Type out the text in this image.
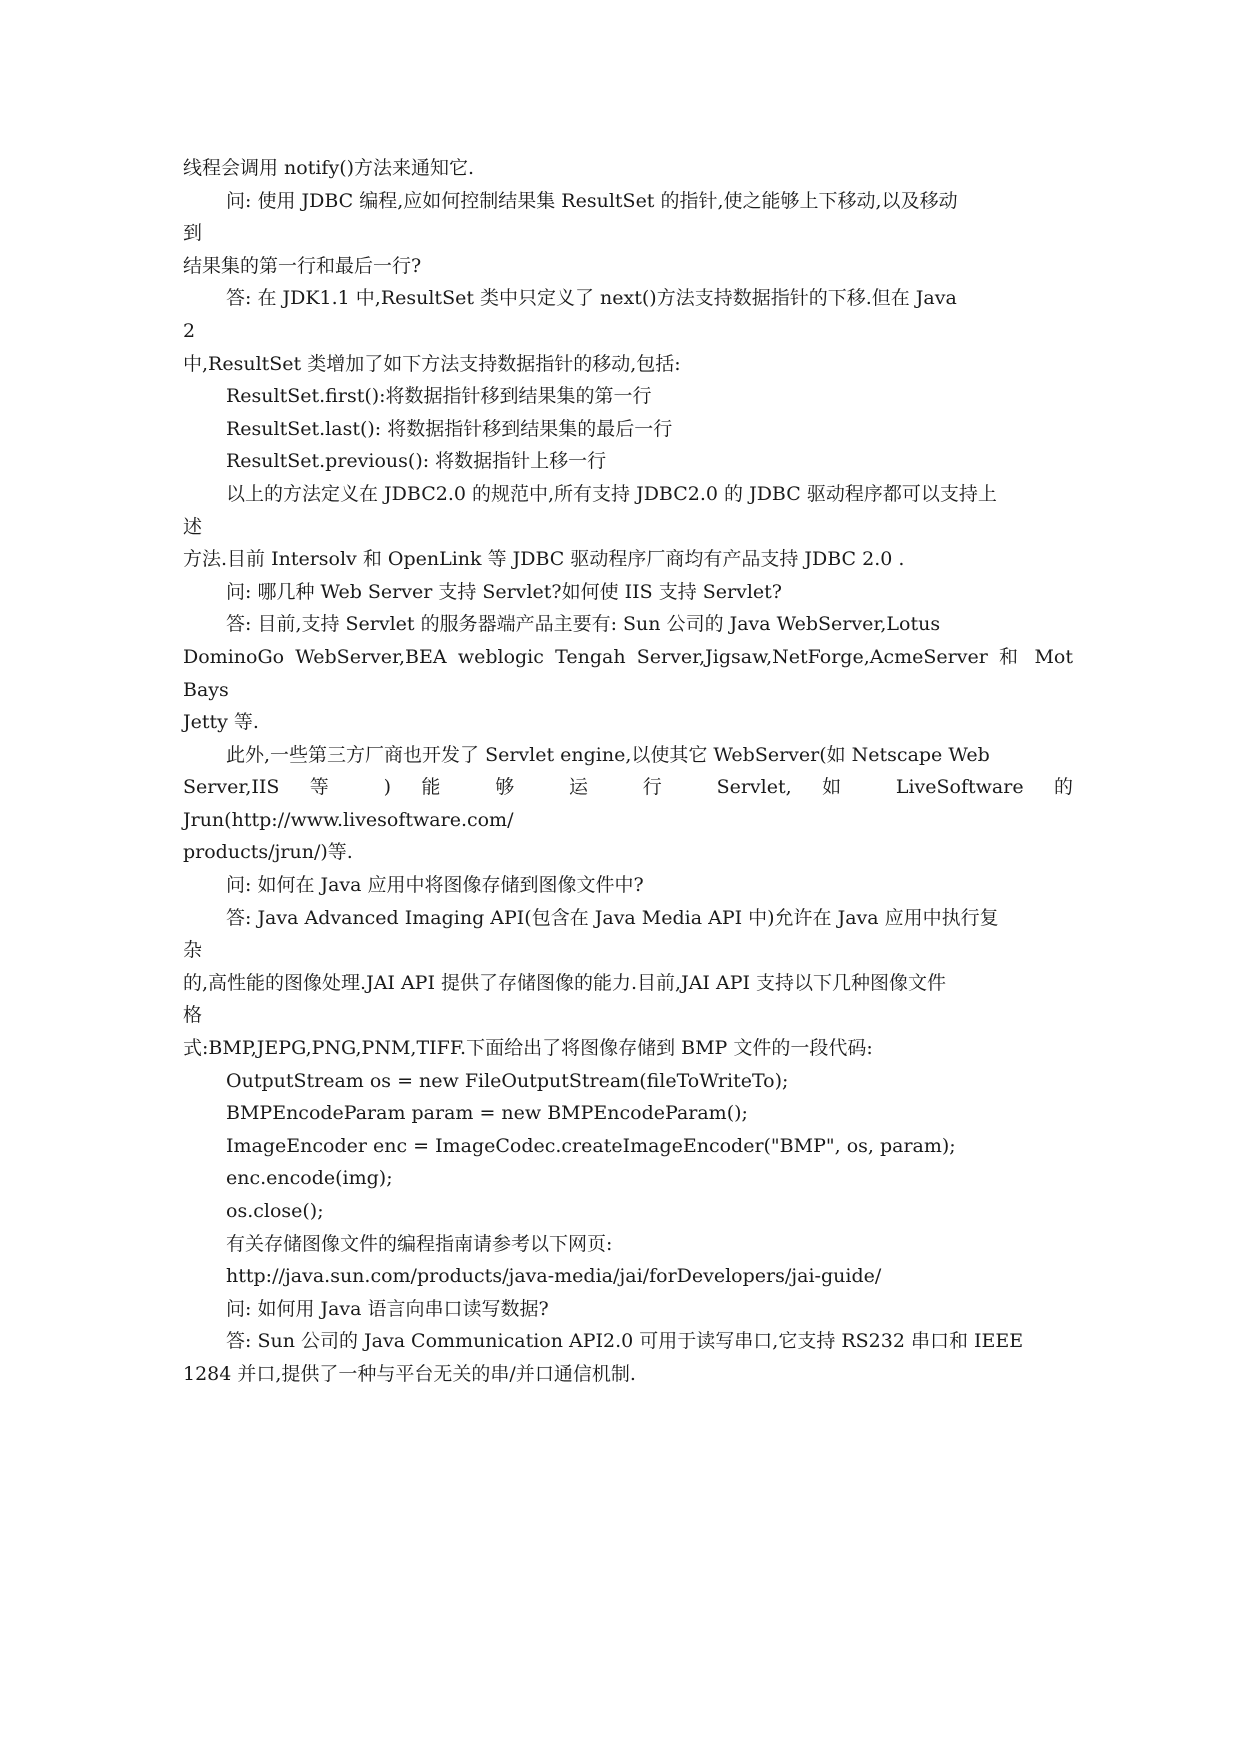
线程会调用 notify()方法来通知它.
问: 使用 JDBC 编程,应如何控制结果集 ResultSet 的指针,使之能够上下移动,以及移动
到
结果集的第一行和最后一行?
答: 在 JDK1.1 中,ResultSet 类中只定义了 next()方法支持数据指针的下移.但在 Java
2
中,ResultSet 类增加了如下方法支持数据指针的移动,包括:
ResultSet.first():将数据指针移到结果集的第一行
ResultSet.last(): 将数据指针移到结果集的最后一行
ResultSet.previous(): 将数据指针上移一行
以上的方法定义在 JDBC2.0 的规范中,所有支持 JDBC2.0 的 JDBC 驱动程序都可以支持上
述
方法.目前 Intersolv 和 OpenLink 等 JDBC 驱动程序厂商均有产品支持 JDBC 2.0 .
问: 哪几种 Web Server 支持 Servlet?如何使 IIS 支持 Servlet?
答: 目前,支持 Servlet 的服务器端产品主要有: Sun 公司的 Java WebServer,Lotus
DominoGo WebServer,BEA weblogic Tengah Server,Jigsaw,NetForge,AcmeServer 和 Mot
Bays
Jetty 等.
此外,一些第三方厂商也开发了 Servlet engine,以使其它 WebServer(如 Netscape Web
Server,IIS 等 ) 能 够 运 行 Servlet, 如 LiveSoftware 的
Jrun(http://www.livesoftware.com/
products/jrun/)等.
问: 如何在 Java 应用中将图像存储到图像文件中?
答: Java Advanced Imaging API(包含在 Java Media API 中)允许在 Java 应用中执行复
杂
的,高性能的图像处理.JAI API 提供了存储图像的能力.目前,JAI API 支持以下几种图像文件
格
式:BMP,JEPG,PNG,PNM,TIFF.下面给出了将图像存储到 BMP 文件的一段代码:
OutputStream os = new FileOutputStream(fileToWriteTo);
BMPEncodeParam param = new BMPEncodeParam();
ImageEncoder enc = ImageCodec.createImageEncoder("BMP", os, param);
enc.encode(img);
os.close();
有关存储图像文件的编程指南请参考以下网页:
http://java.sun.com/products/java-media/jai/forDevelopers/jai-guide/
问: 如何用 Java 语言向串口读写数据?
答: Sun 公司的 Java Communication API2.0 可用于读写串口,它支持 RS232 串口和 IEEE
1284 并口,提供了一种与平台无关的串/并口通信机制.
